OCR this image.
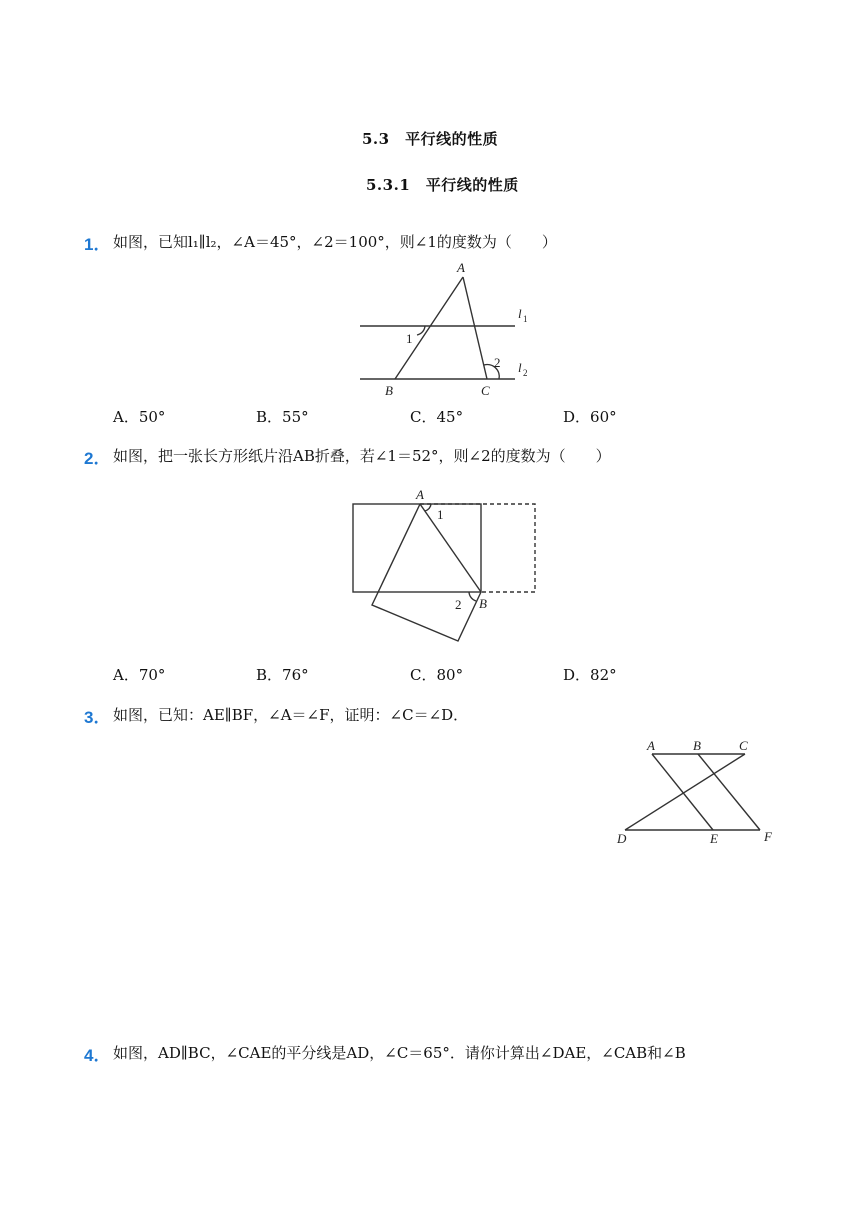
5.3　平行线的性质
5.3.1　平行线的性质
1． 如图，已知l₁∥l₂，∠A＝45°，∠2＝100°，则∠1的度数为（　　）
A
B	C
l 1
l 2
1
2
A．50°	B．55°	C．45°	D．60°
2． 如图，把一张长方形纸片沿AB折叠，若∠1＝52°，则∠2的度数为（　　）
A
B
1
2
A．70°	B．76°	C．80°	D．82°
3． 如图，已知：AE∥BF，∠A＝∠F，证明：∠C＝∠D．
A	B	C
D	E	F
4． 如图，AD∥BC，∠CAE的平分线是AD，∠C＝65°．请你计算出∠DAE，∠CAB和∠B
